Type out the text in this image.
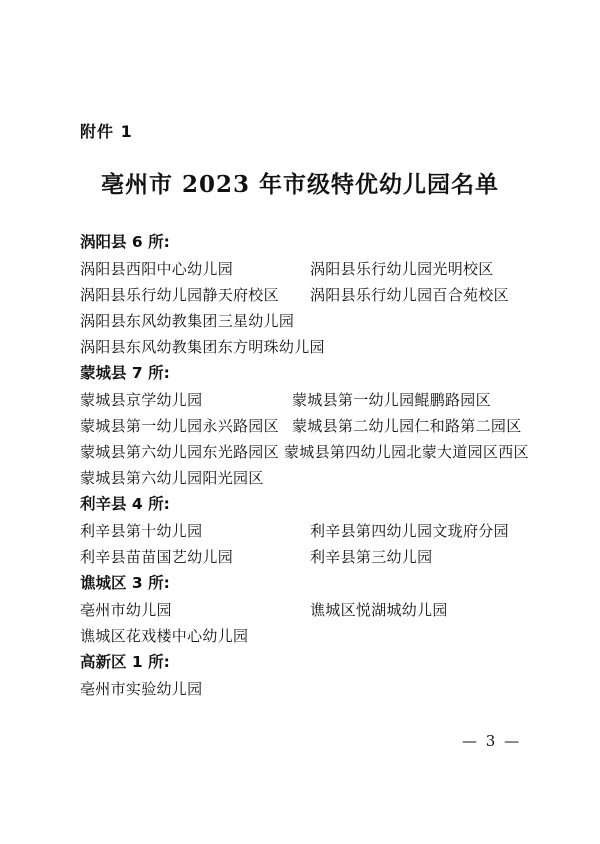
附件 1
亳州市 2023 年市级特优幼儿园名单
涡阳县 6 所:
涡阳县西阳中心幼儿园	涡阳县乐行幼儿园光明校区
涡阳县乐行幼儿园静天府校区 涡阳县乐行幼儿园百合苑校区
涡阳县东风幼教集团三星幼儿园
涡阳县东风幼教集团东方明珠幼儿园
蒙城县 7 所:
蒙城县京学幼儿园	蒙城县第一幼儿园鲲鹏路园区
蒙城县第一幼儿园永兴路园区 蒙城县第二幼儿园仁和路第二园区
蒙城县第六幼儿园东光路园区 蒙城县第四幼儿园北蒙大道园区西区
蒙城县第六幼儿园阳光园区
利辛县 4 所:
利辛县第十幼儿园	利辛县第四幼儿园文珑府分园
利辛县苗苗国艺幼儿园	利辛县第三幼儿园
谯城区 3 所:
亳州市幼儿园	谯城区悦湖城幼儿园
谯城区花戏楼中心幼儿园
高新区 1 所:
亳州市实验幼儿园
— 3 —
